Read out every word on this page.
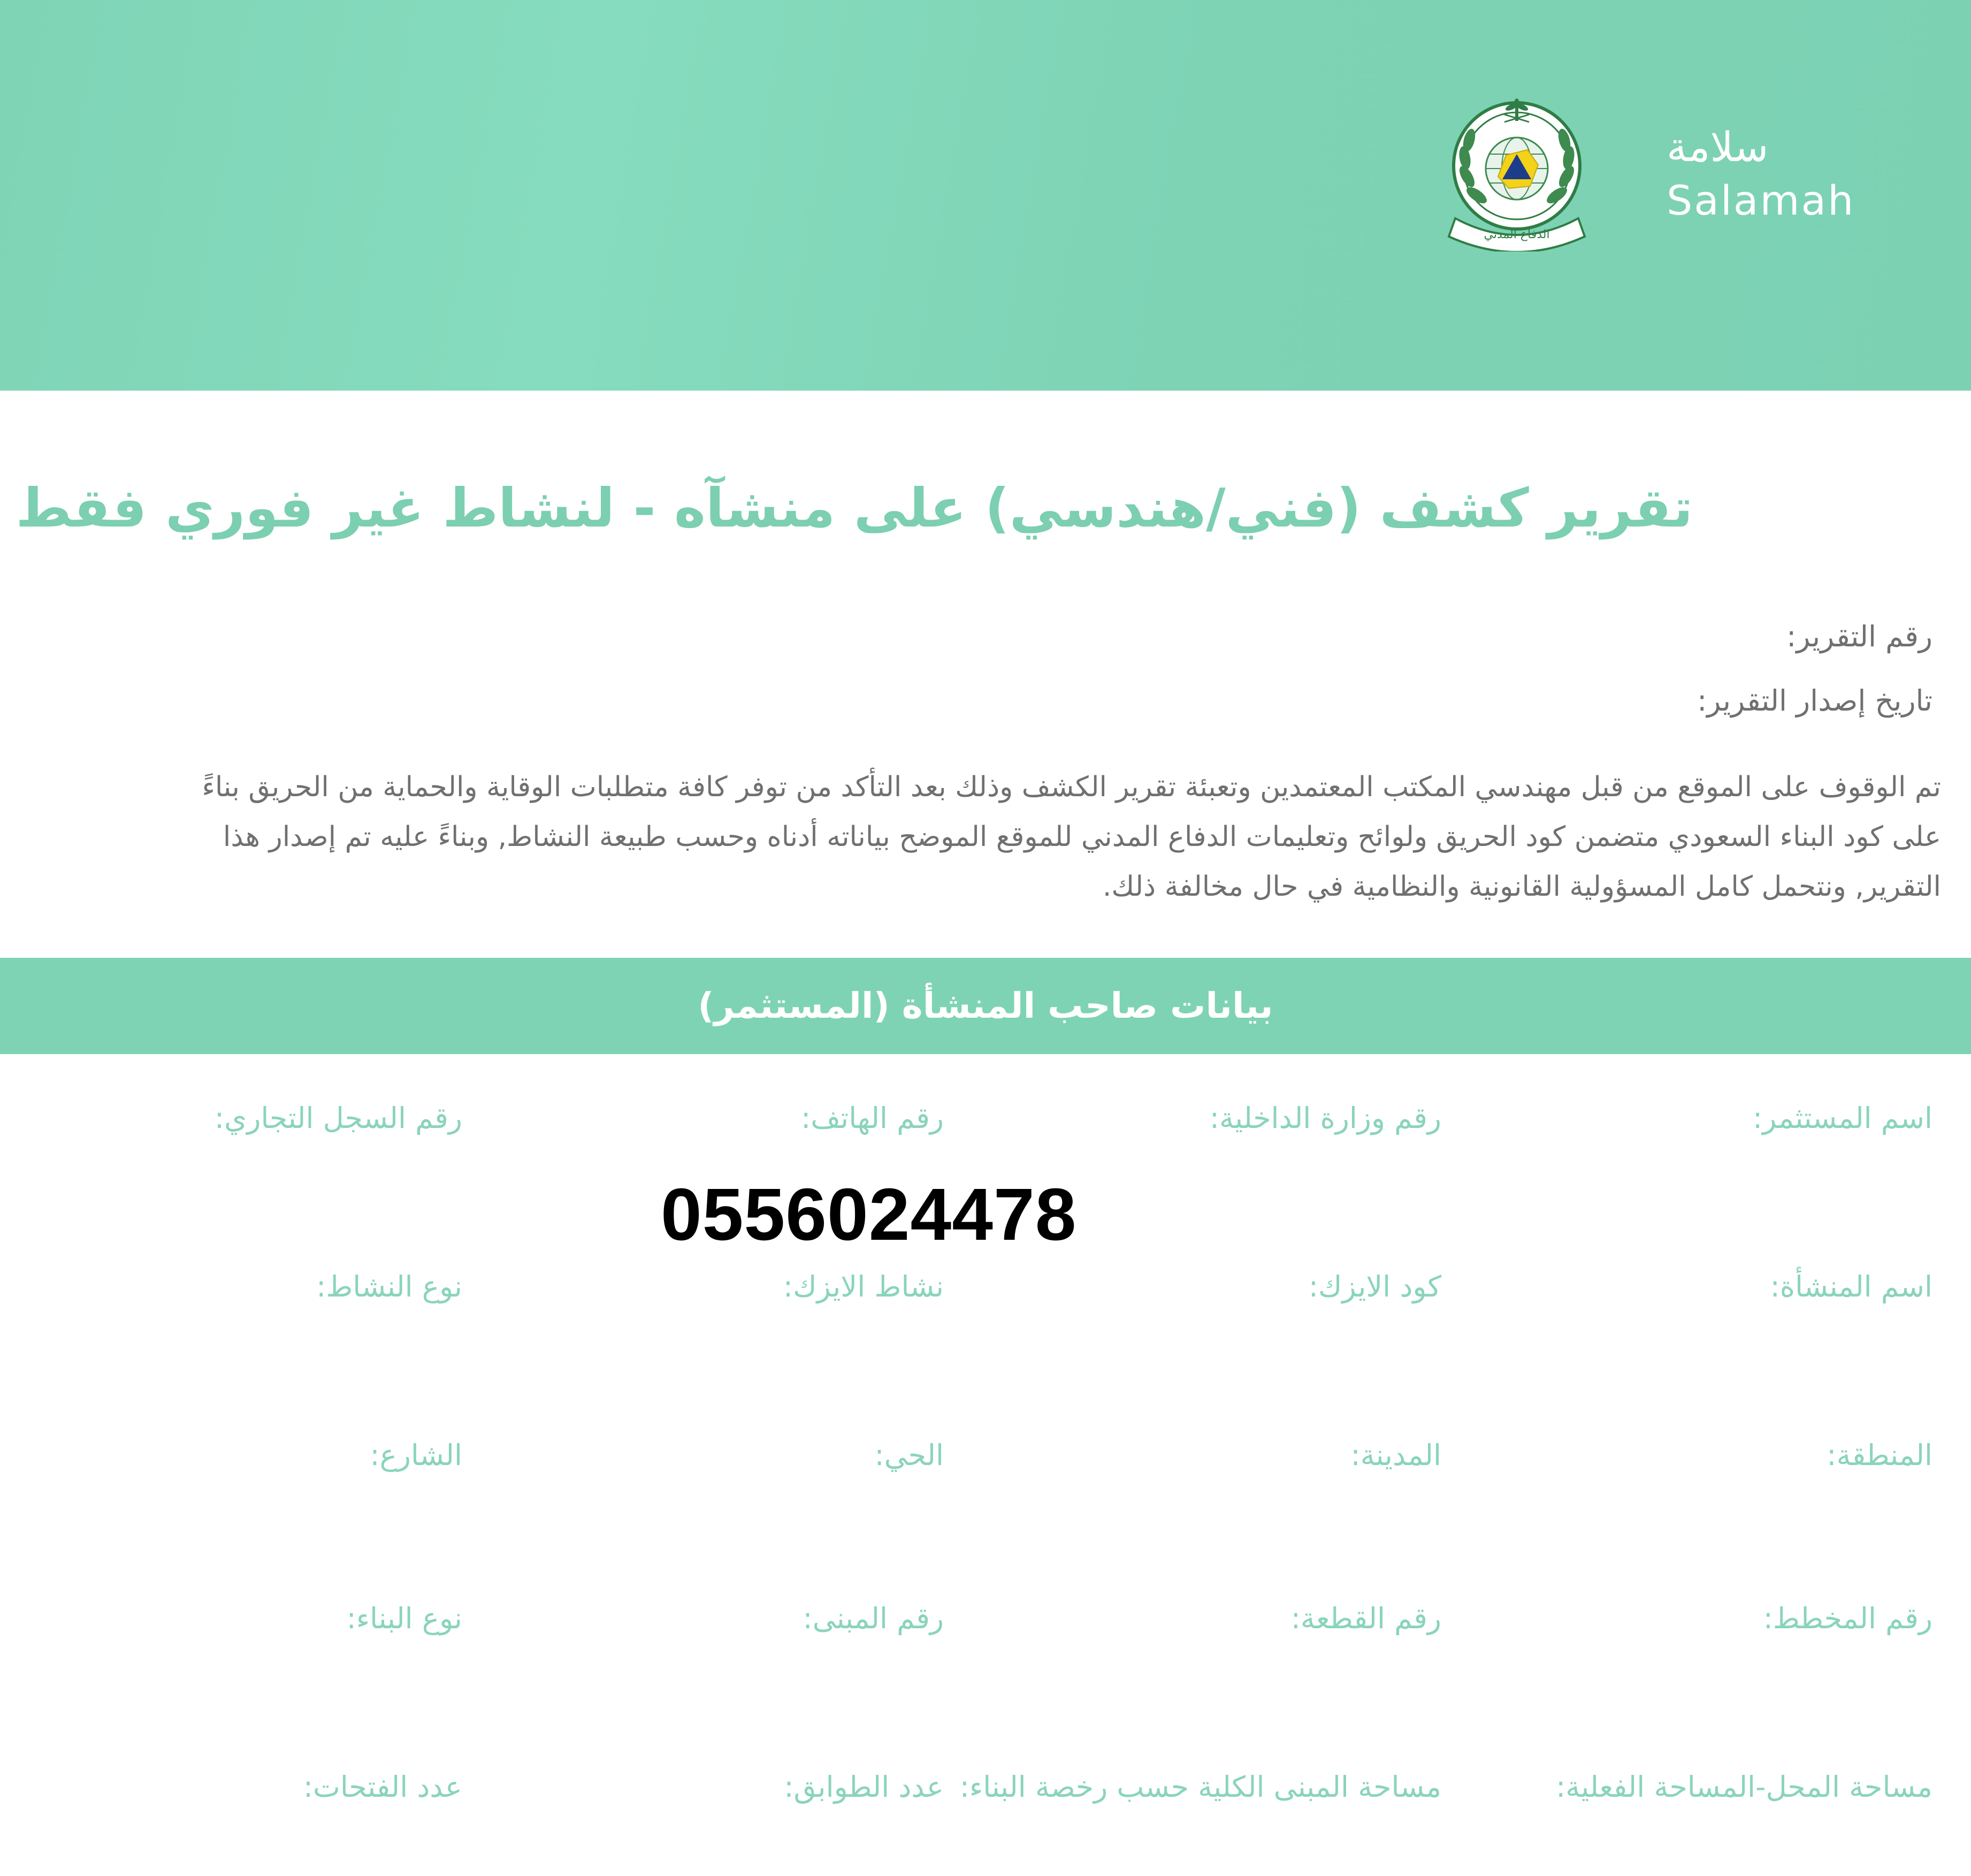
الدفاع المدني

سلامة

Salamah

تقرير كشف (فني/هندسي) على منشآه - لنشاط غير فوري فقط

رقم التقرير:

تاريخ إصدار التقرير:

تم الوقوف على الموقع من قبل مهندسي المكتب المعتمدين وتعبئة تقرير الكشف وذلك بعد التأكد من توفر كافة متطلبات الوقاية والحماية من الحريق بناءً
على كود البناء السعودي متضمن كود الحريق ولوائح وتعليمات الدفاع المدني للموقع الموضح بياناته أدناه وحسب طبيعة النشاط, وبناءً عليه تم إصدار هذا
التقرير, ونتحمل كامل المسؤولية القانونية والنظامية في حال مخالفة ذلك.

بيانات صاحب المنشأة (المستثمر)

اسم المستثمر:

رقم وزارة الداخلية:

رقم الهاتف:

رقم السجل التجاري:

0556024478

اسم المنشأة:

كود الايزك:

نشاط الايزك:

نوع النشاط:

المنطقة:

المدينة:

الحي:

الشارع:

رقم المخطط:

رقم القطعة:

رقم المبنى:

نوع البناء:

مساحة المحل-المساحة الفعلية:

مساحة المبنى الكلية حسب رخصة البناء:

عدد الطوابق:

عدد الفتحات:
